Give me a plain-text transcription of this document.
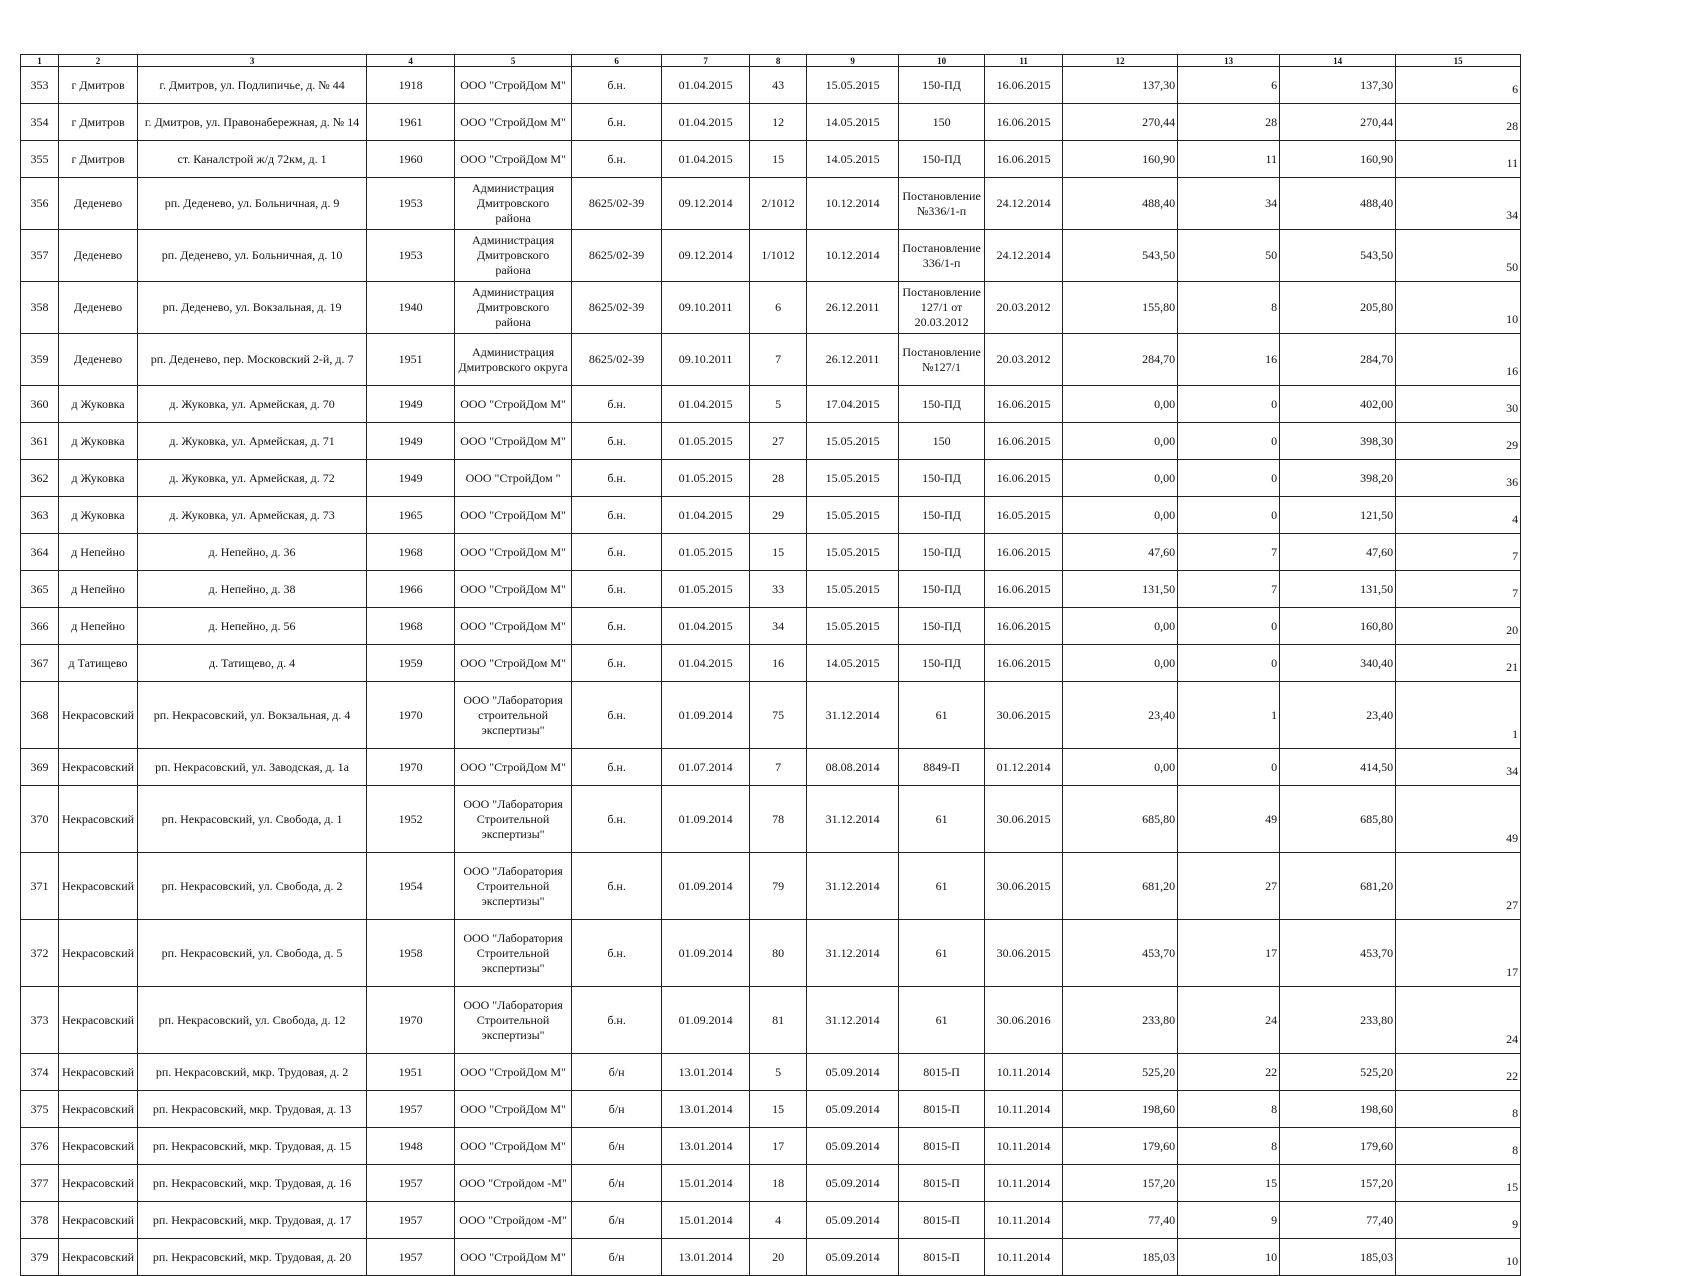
1	2	3	4	5	6	7	8	9	10	11	12	13	14	15
353	г Дмитров	г. Дмитров, ул. Подлипичье, д. № 44	1918	ООО "СтройДом М"	б.н.	01.04.2015	43	15.05.2015	150-ПД	16.06.2015	137,30	6	137,30	6
354	г Дмитров	г. Дмитров, ул. Правонабережная, д. № 14	1961	ООО "СтройДом М"	б.н.	01.04.2015	12	14.05.2015	150	16.06.2015	270,44	28	270,44	28
355	г Дмитров	ст. Каналстрой ж/д 72км, д. 1	1960	ООО "СтройДом М"	б.н.	01.04.2015	15	14.05.2015	150-ПД	16.06.2015	160,90	11	160,90	11
356	Деденево	рп. Деденево, ул. Больничная, д. 9	1953	Администрация Дмитровского района	8625/02-39	09.12.2014	2/1012	10.12.2014	Постановление №336/1-п	24.12.2014	488,40	34	488,40	34
357	Деденево	рп. Деденево, ул. Больничная, д. 10	1953	Администрация Дмитровского района	8625/02-39	09.12.2014	1/1012	10.12.2014	Постановление 336/1-п	24.12.2014	543,50	50	543,50	50
358	Деденево	рп. Деденево, ул. Вокзальная, д. 19	1940	Администрация Дмитровского района	8625/02-39	09.10.2011	6	26.12.2011	Постановление 127/1 от 20.03.2012	20.03.2012	155,80	8	205,80	10
359	Деденево	рп. Деденево, пер. Московский 2-й, д. 7	1951	Администрация Дмитровского округа	8625/02-39	09.10.2011	7	26.12.2011	Постановление №127/1	20.03.2012	284,70	16	284,70	16
360	д Жуковка	д. Жуковка, ул. Армейская, д. 70	1949	ООО "СтройДом М"	б.н.	01.04.2015	5	17.04.2015	150-ПД	16.06.2015	0,00	0	402,00	30
361	д Жуковка	д. Жуковка, ул. Армейская, д. 71	1949	ООО "СтройДом М"	б.н.	01.05.2015	27	15.05.2015	150	16.06.2015	0,00	0	398,30	29
362	д Жуковка	д. Жуковка, ул. Армейская, д. 72	1949	ООО "СтройДом "	б.н.	01.05.2015	28	15.05.2015	150-ПД	16.06.2015	0,00	0	398,20	36
363	д Жуковка	д. Жуковка, ул. Армейская, д. 73	1965	ООО "СтройДом М"	б.н.	01.04.2015	29	15.05.2015	150-ПД	16.05.2015	0,00	0	121,50	4
364	д Непейно	д. Непейно, д. 36	1968	ООО "СтройДом М"	б.н.	01.05.2015	15	15.05.2015	150-ПД	16.06.2015	47,60	7	47,60	7
365	д Непейно	д. Непейно, д. 38	1966	ООО "СтройДом М"	б.н.	01.05.2015	33	15.05.2015	150-ПД	16.06.2015	131,50	7	131,50	7
366	д Непейно	д. Непейно, д. 56	1968	ООО "СтройДом М"	б.н.	01.04.2015	34	15.05.2015	150-ПД	16.06.2015	0,00	0	160,80	20
367	д Татищево	д. Татищево, д. 4	1959	ООО "СтройДом М"	б.н.	01.04.2015	16	14.05.2015	150-ПД	16.06.2015	0,00	0	340,40	21
368	Некрасовский	рп. Некрасовский, ул. Вокзальная, д. 4	1970	ООО "Лаборатория строительной экспертизы"	б.н.	01.09.2014	75	31.12.2014	61	30.06.2015	23,40	1	23,40	1
369	Некрасовский	рп. Некрасовский, ул. Заводская, д. 1а	1970	ООО "СтройДом М"	б.н.	01.07.2014	7	08.08.2014	8849-П	01.12.2014	0,00	0	414,50	34
370	Некрасовский	рп. Некрасовский, ул. Свобода, д. 1	1952	ООО "Лаборатория Строительной экспертизы"	б.н.	01.09.2014	78	31.12.2014	61	30.06.2015	685,80	49	685,80	49
371	Некрасовский	рп. Некрасовский, ул. Свобода, д. 2	1954	ООО "Лаборатория Строительной экспертизы"	б.н.	01.09.2014	79	31.12.2014	61	30.06.2015	681,20	27	681,20	27
372	Некрасовский	рп. Некрасовский, ул. Свобода, д. 5	1958	ООО "Лаборатория Строительной экспертизы"	б.н.	01.09.2014	80	31.12.2014	61	30.06.2015	453,70	17	453,70	17
373	Некрасовский	рп. Некрасовский, ул. Свобода, д. 12	1970	ООО "Лаборатория Строительной экспертизы"	б.н.	01.09.2014	81	31.12.2014	61	30.06.2016	233,80	24	233,80	24
374	Некрасовский	рп. Некрасовский, мкр. Трудовая, д. 2	1951	ООО "СтройДом М"	б/н	13.01.2014	5	05.09.2014	8015-П	10.11.2014	525,20	22	525,20	22
375	Некрасовский	рп. Некрасовский, мкр. Трудовая, д. 13	1957	ООО "СтройДом М"	б/н	13.01.2014	15	05.09.2014	8015-П	10.11.2014	198,60	8	198,60	8
376	Некрасовский	рп. Некрасовский, мкр. Трудовая, д. 15	1948	ООО "СтройДом М"	б/н	13.01.2014	17	05.09.2014	8015-П	10.11.2014	179,60	8	179,60	8
377	Некрасовский	рп. Некрасовский, мкр. Трудовая, д. 16	1957	ООО "Стройдом -М"	б/н	15.01.2014	18	05.09.2014	8015-П	10.11.2014	157,20	15	157,20	15
378	Некрасовский	рп. Некрасовский, мкр. Трудовая, д. 17	1957	ООО "Стройдом -М"	б/н	15.01.2014	4	05.09.2014	8015-П	10.11.2014	77,40	9	77,40	9
379	Некрасовский	рп. Некрасовский, мкр. Трудовая, д. 20	1957	ООО "СтройДом М"	б/н	13.01.2014	20	05.09.2014	8015-П	10.11.2014	185,03	10	185,03	10
